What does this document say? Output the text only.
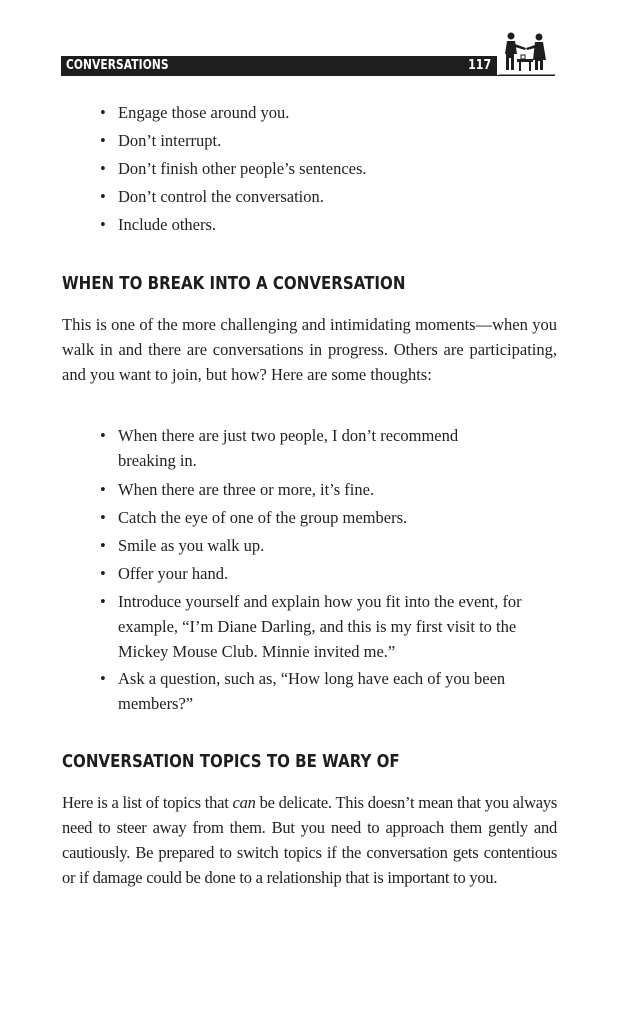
CONVERSATIONS	117
• Engage those around you.
• Don’t interrupt.
• Don’t finish other people’s sentences.
• Don’t control the conversation.
• Include others.
WHEN TO BREAK INTO A CONVERSATION
This is one of the more challenging and intimidating moments—when you walk in and there are conversations in progress. Others are participating, and you want to join, but how? Here are some thoughts:
• When there are just two people, I don’t recommend breaking in.
• When there are three or more, it’s fine.
• Catch the eye of one of the group members.
• Smile as you walk up.
• Offer your hand.
• Introduce yourself and explain how you fit into the event, for example, “I’m Diane Darling, and this is my first visit to the Mickey Mouse Club. Minnie invited me.”
• Ask a question, such as, “How long have each of you been members?”
CONVERSATION TOPICS TO BE WARY OF
Here is a list of topics that can be delicate. This doesn’t mean that you always need to steer away from them. But you need to approach them gently and cautiously. Be prepared to switch topics if the conversation gets contentious or if damage could be done to a relationship that is important to you.
